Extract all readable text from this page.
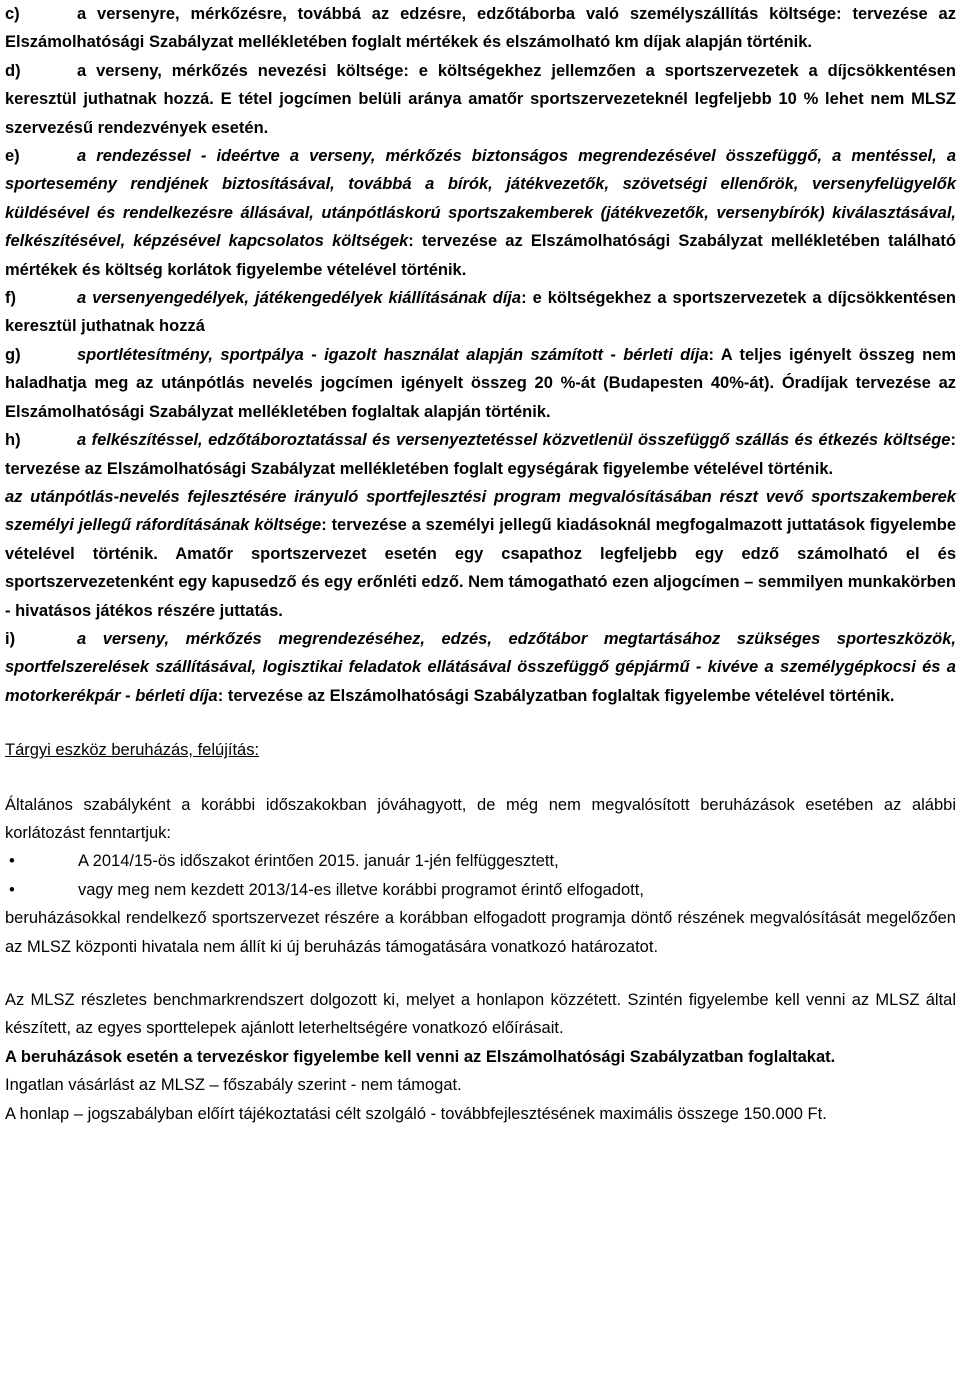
c)	a versenyre, mérkőzésre, továbbá az edzésre, edzőtáborba való személyszállítás költsége: tervezése az Elszámolhatósági Szabályzat mellékletében foglalt mértékek és elszámolható km díjak alapján történik.

d)	a verseny, mérkőzés nevezési költsége: e költségekhez jellemzően a sportszervezetek a díjcsökkentésen keresztül juthatnak hozzá. E tétel jogcímen belüli aránya amatőr sportszervezeteknél legfeljebb 10 % lehet nem MLSZ szervezésű rendezvények esetén.

e)	a rendezéssel - ideértve a verseny, mérkőzés biztonságos megrendezésével összefüggő, a mentéssel, a sportesemény rendjének biztosításával, továbbá a bírók, játékvezetők, szövetségi ellenőrök, versenyfelügyelők küldésével és rendelkezésre állásával, utánpótláskorú sportszakemberek (játékvezetők, versenybírók) kiválasztásával, felkészítésével, képzésével kapcsolatos költségek: tervezése az Elszámolhatósági Szabályzat mellékletében található mértékek és költség korlátok figyelembe vételével történik.

f)	a versenyengedélyek, játékengedélyek kiállításának díja: e költségekhez a sportszervezetek a díjcsökkentésen keresztül juthatnak hozzá

g)	sportlétesítmény, sportpálya - igazolt használat alapján számított - bérleti díja: A teljes igényelt összeg nem haladhatja meg az utánpótlás nevelés jogcímen igényelt összeg 20 %-át (Budapesten 40%-át). Óradíjak tervezése az Elszámolhatósági Szabályzat mellékletében foglaltak alapján történik.

h)	a felkészítéssel, edzőtáboroztatással és versenyeztetéssel közvetlenül összefüggő szállás és étkezés költsége: tervezése az Elszámolhatósági Szabályzat mellékletében foglalt egységárak figyelembe vételével történik.

az utánpótlás-nevelés fejlesztésére irányuló sportfejlesztési program megvalósításában részt vevő sportszakemberek személyi jellegű ráfordításának költsége: tervezése a személyi jellegű kiadásoknál megfogalmazott juttatások figyelembe vételével történik. Amatőr sportszervezet esetén egy csapathoz legfeljebb egy edző számolható el és sportszervezetenként egy kapusedző és egy erőnléti edző. Nem támogatható ezen aljogcímen – semmilyen munkakörben - hivatásos játékos részére juttatás.

i)	a verseny, mérkőzés megrendezéséhez, edzés, edzőtábor megtartásához szükséges sporteszközök, sportfelszerelések szállításával, logisztikai feladatok ellátásával összefüggő gépjármű - kivéve a személygépkocsi és a motorkerékpár - bérleti díja: tervezése az Elszámolhatósági Szabályzatban foglaltak figyelembe vételével történik.

Tárgyi eszköz beruházás, felújítás:

Általános szabályként a korábbi időszakokban jóváhagyott, de még nem megvalósított beruházások esetében az alábbi korlátozást fenntartjuk:

•	A 2014/15-ös időszakot érintően 2015. január 1-jén felfüggesztett,

•	vagy meg nem kezdett 2013/14-es illetve korábbi programot érintő elfogadott,

beruházásokkal rendelkező sportszervezet részére a korábban elfogadott programja döntő részének megvalósítását megelőzően az MLSZ központi hivatala nem állít ki új beruházás támogatására vonatkozó határozatot.

Az MLSZ részletes benchmarkrendszert dolgozott ki, melyet a honlapon közzétett. Szintén figyelembe kell venni az MLSZ által készített, az egyes sporttelepek ajánlott leterheltségére vonatkozó előírásait.

A beruházások esetén a tervezéskor figyelembe kell venni az Elszámolhatósági Szabályzatban foglaltakat.

Ingatlan vásárlást az MLSZ – főszabály szerint - nem támogat.

A honlap – jogszabályban előírt tájékoztatási célt szolgáló - továbbfejlesztésének maximális összege 150.000 Ft.
